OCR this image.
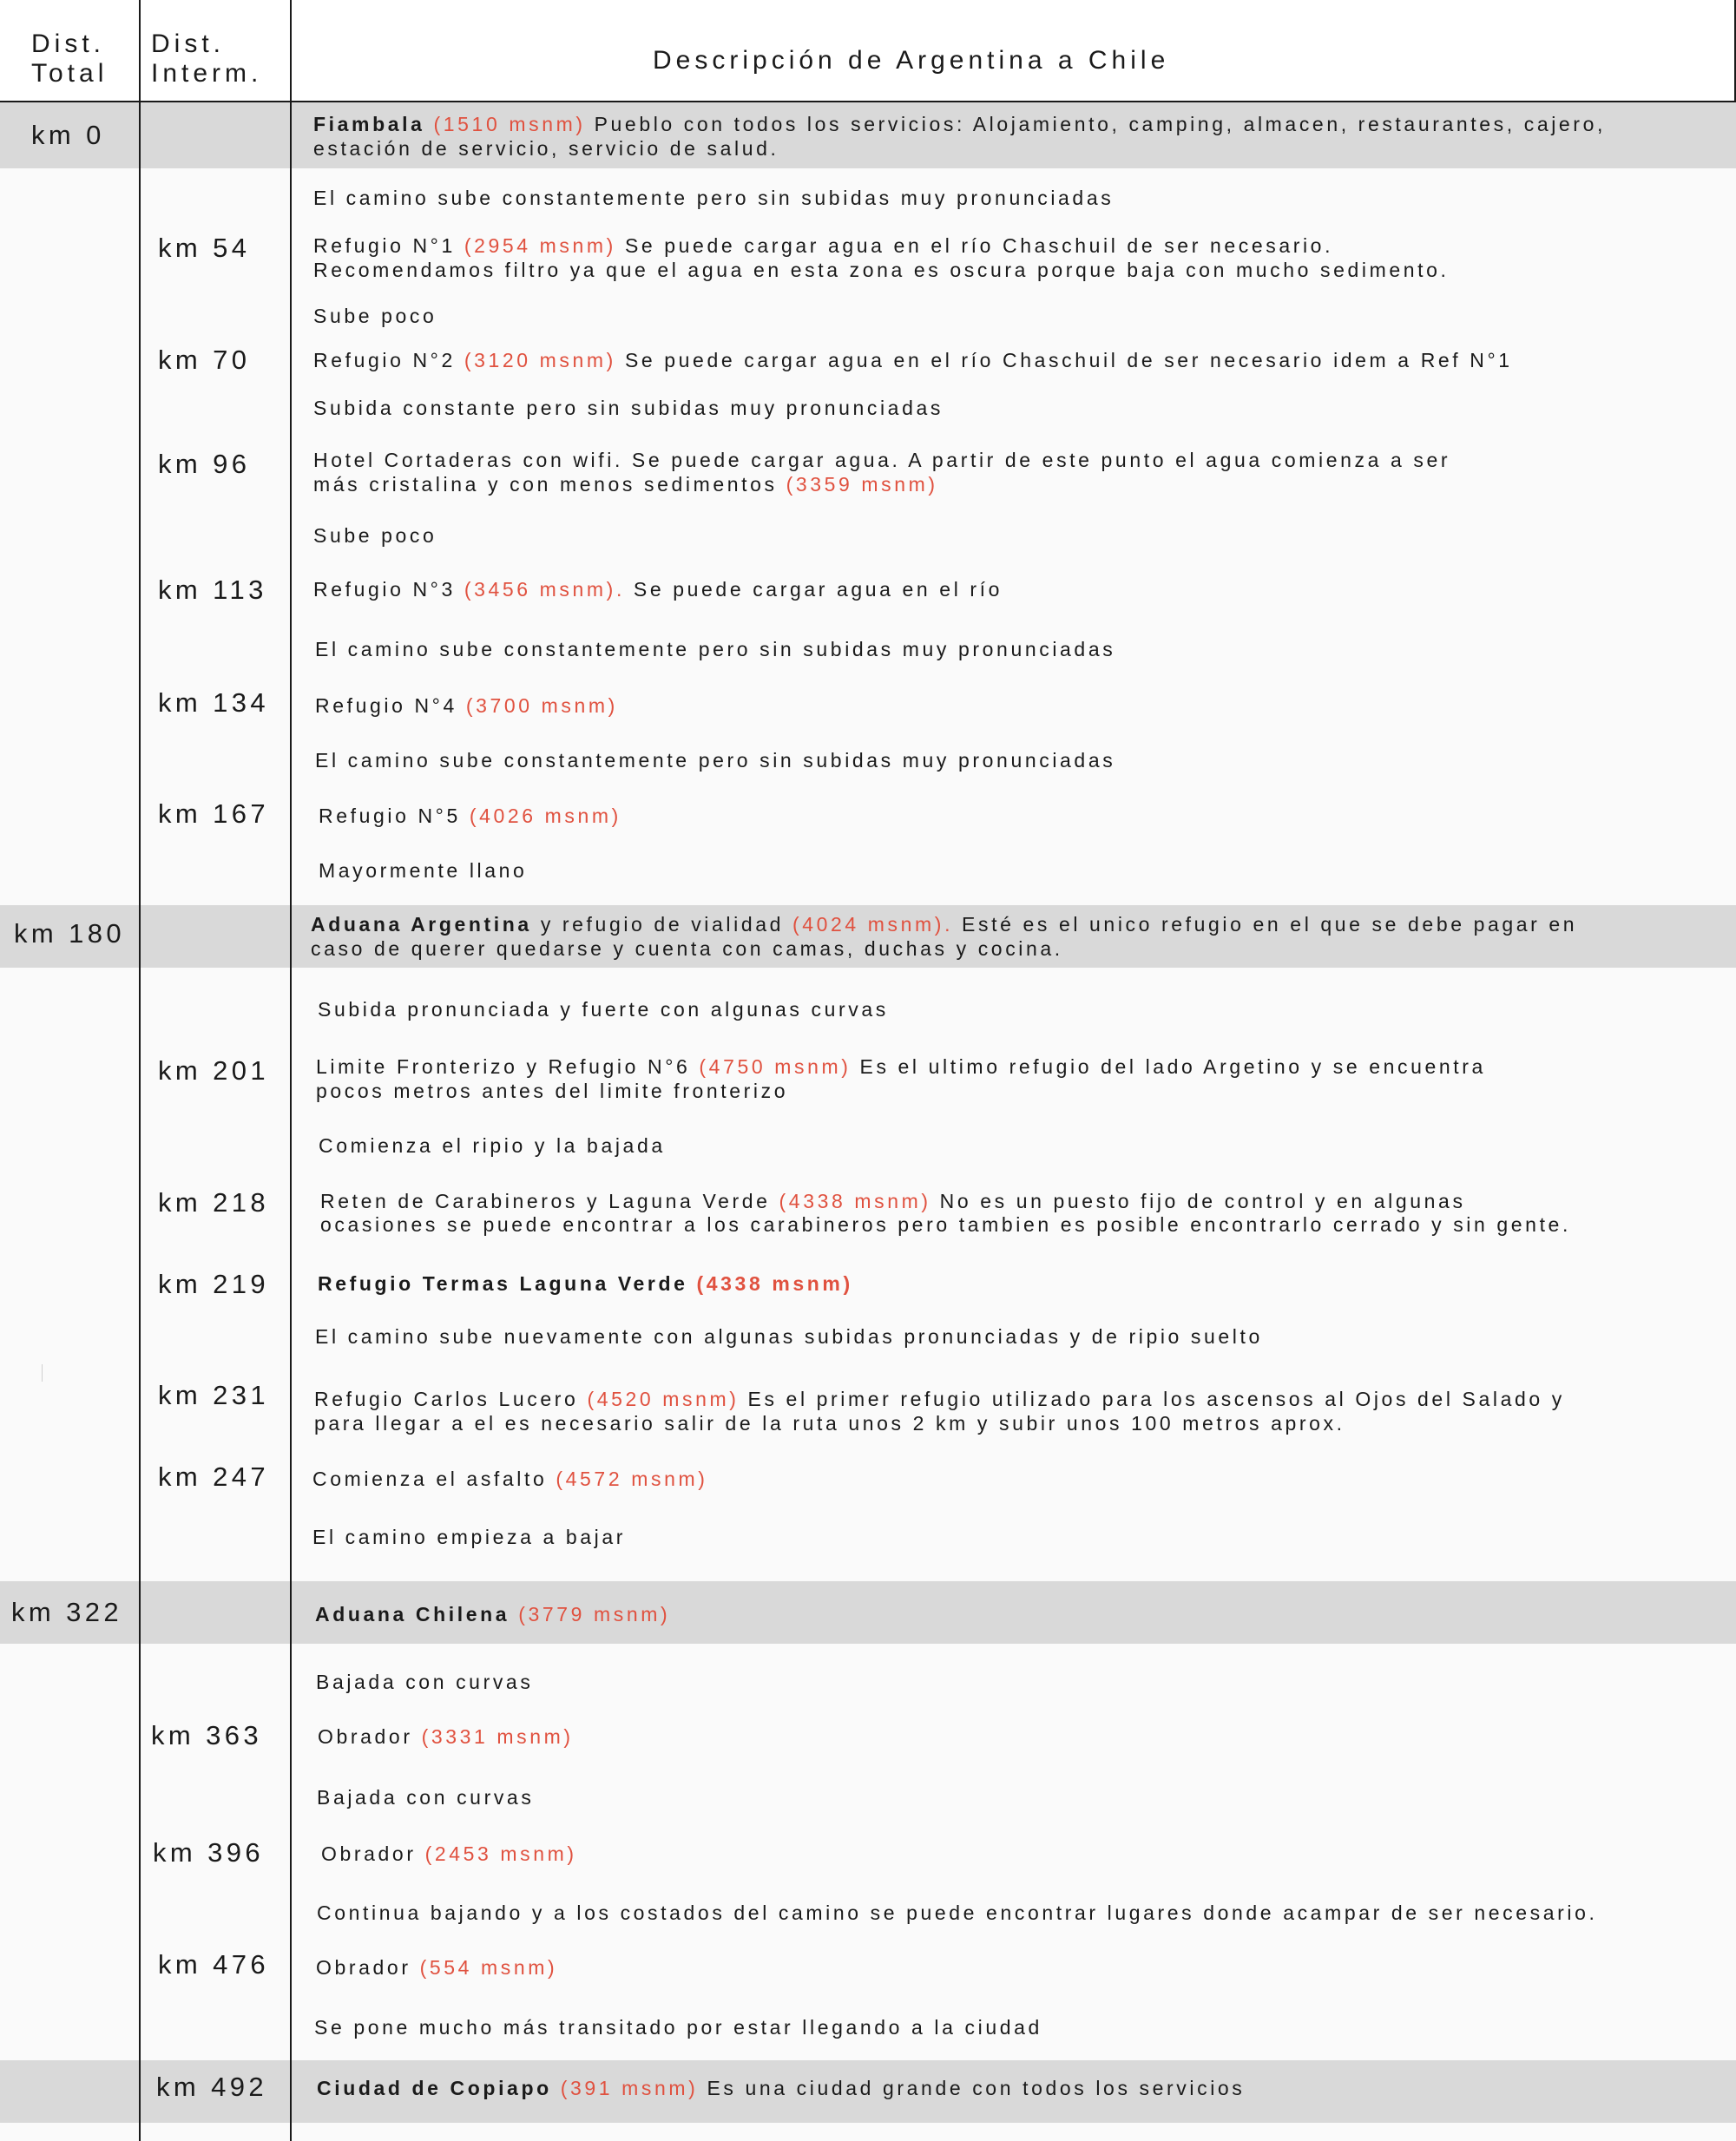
Dist.
Total
Dist.
Interm.	Descripción de Argentina a Chile
km 0
km 180
km 322
km 54
km 70
km 96
km 113
km 134
km 167
km 201
km 218
km 219
km 231
km 247
km 363
km 396
km 476
km 492
Fiambala (1510 msnm) Pueblo con todos los servicios: Alojamiento, camping, almacen, restaurantes, cajero,
estación de servicio, servicio de salud.
El camino sube constantemente pero sin subidas muy pronunciadas
Refugio N°1 (2954 msnm) Se puede cargar agua en el río Chaschuil de ser necesario.
Recomendamos filtro ya que el agua en esta zona es oscura porque baja con mucho sedimento.
Sube poco
Refugio N°2 (3120 msnm) Se puede cargar agua en el río Chaschuil de ser necesario idem a Ref N°1
Subida constante pero sin subidas muy pronunciadas
Hotel Cortaderas con wifi. Se puede cargar agua. A partir de este punto el agua comienza a ser
más cristalina y con menos sedimentos (3359 msnm)
Sube poco
Refugio N°3 (3456 msnm). Se puede cargar agua en el río
El camino sube constantemente pero sin subidas muy pronunciadas
Refugio N°4 (3700 msnm)
El camino sube constantemente pero sin subidas muy pronunciadas
Refugio N°5 (4026 msnm)
Mayormente llano
Aduana Argentina y refugio de vialidad (4024 msnm). Esté es el unico refugio en el que se debe pagar en
caso de querer quedarse y cuenta con camas, duchas y cocina.
Subida pronunciada y fuerte con algunas curvas
Limite Fronterizo y Refugio N°6 (4750 msnm) Es el ultimo refugio del lado Argetino y se encuentra
pocos metros antes del limite fronterizo
Comienza el ripio y la bajada
Reten de Carabineros y Laguna Verde (4338 msnm) No es un puesto fijo de control y en algunas
ocasiones se puede encontrar a los carabineros pero tambien es posible encontrarlo cerrado y sin gente.
Refugio Termas Laguna Verde (4338 msnm)
El camino sube nuevamente con algunas subidas pronunciadas y de ripio suelto
Refugio Carlos Lucero (4520 msnm) Es el primer refugio utilizado para los ascensos al Ojos del Salado y
para llegar a el es necesario salir de la ruta unos 2 km y subir unos 100 metros aprox.
Comienza el asfalto (4572 msnm)
El camino empieza a bajar
Aduana Chilena (3779 msnm)
Bajada con curvas
Obrador (3331 msnm)
Bajada con curvas
Obrador (2453 msnm)
Continua bajando y a los costados del camino se puede encontrar lugares donde acampar de ser necesario.
Obrador (554 msnm)
Se pone mucho más transitado por estar llegando a la ciudad
Ciudad de Copiapo (391 msnm) Es una ciudad grande con todos los servicios
